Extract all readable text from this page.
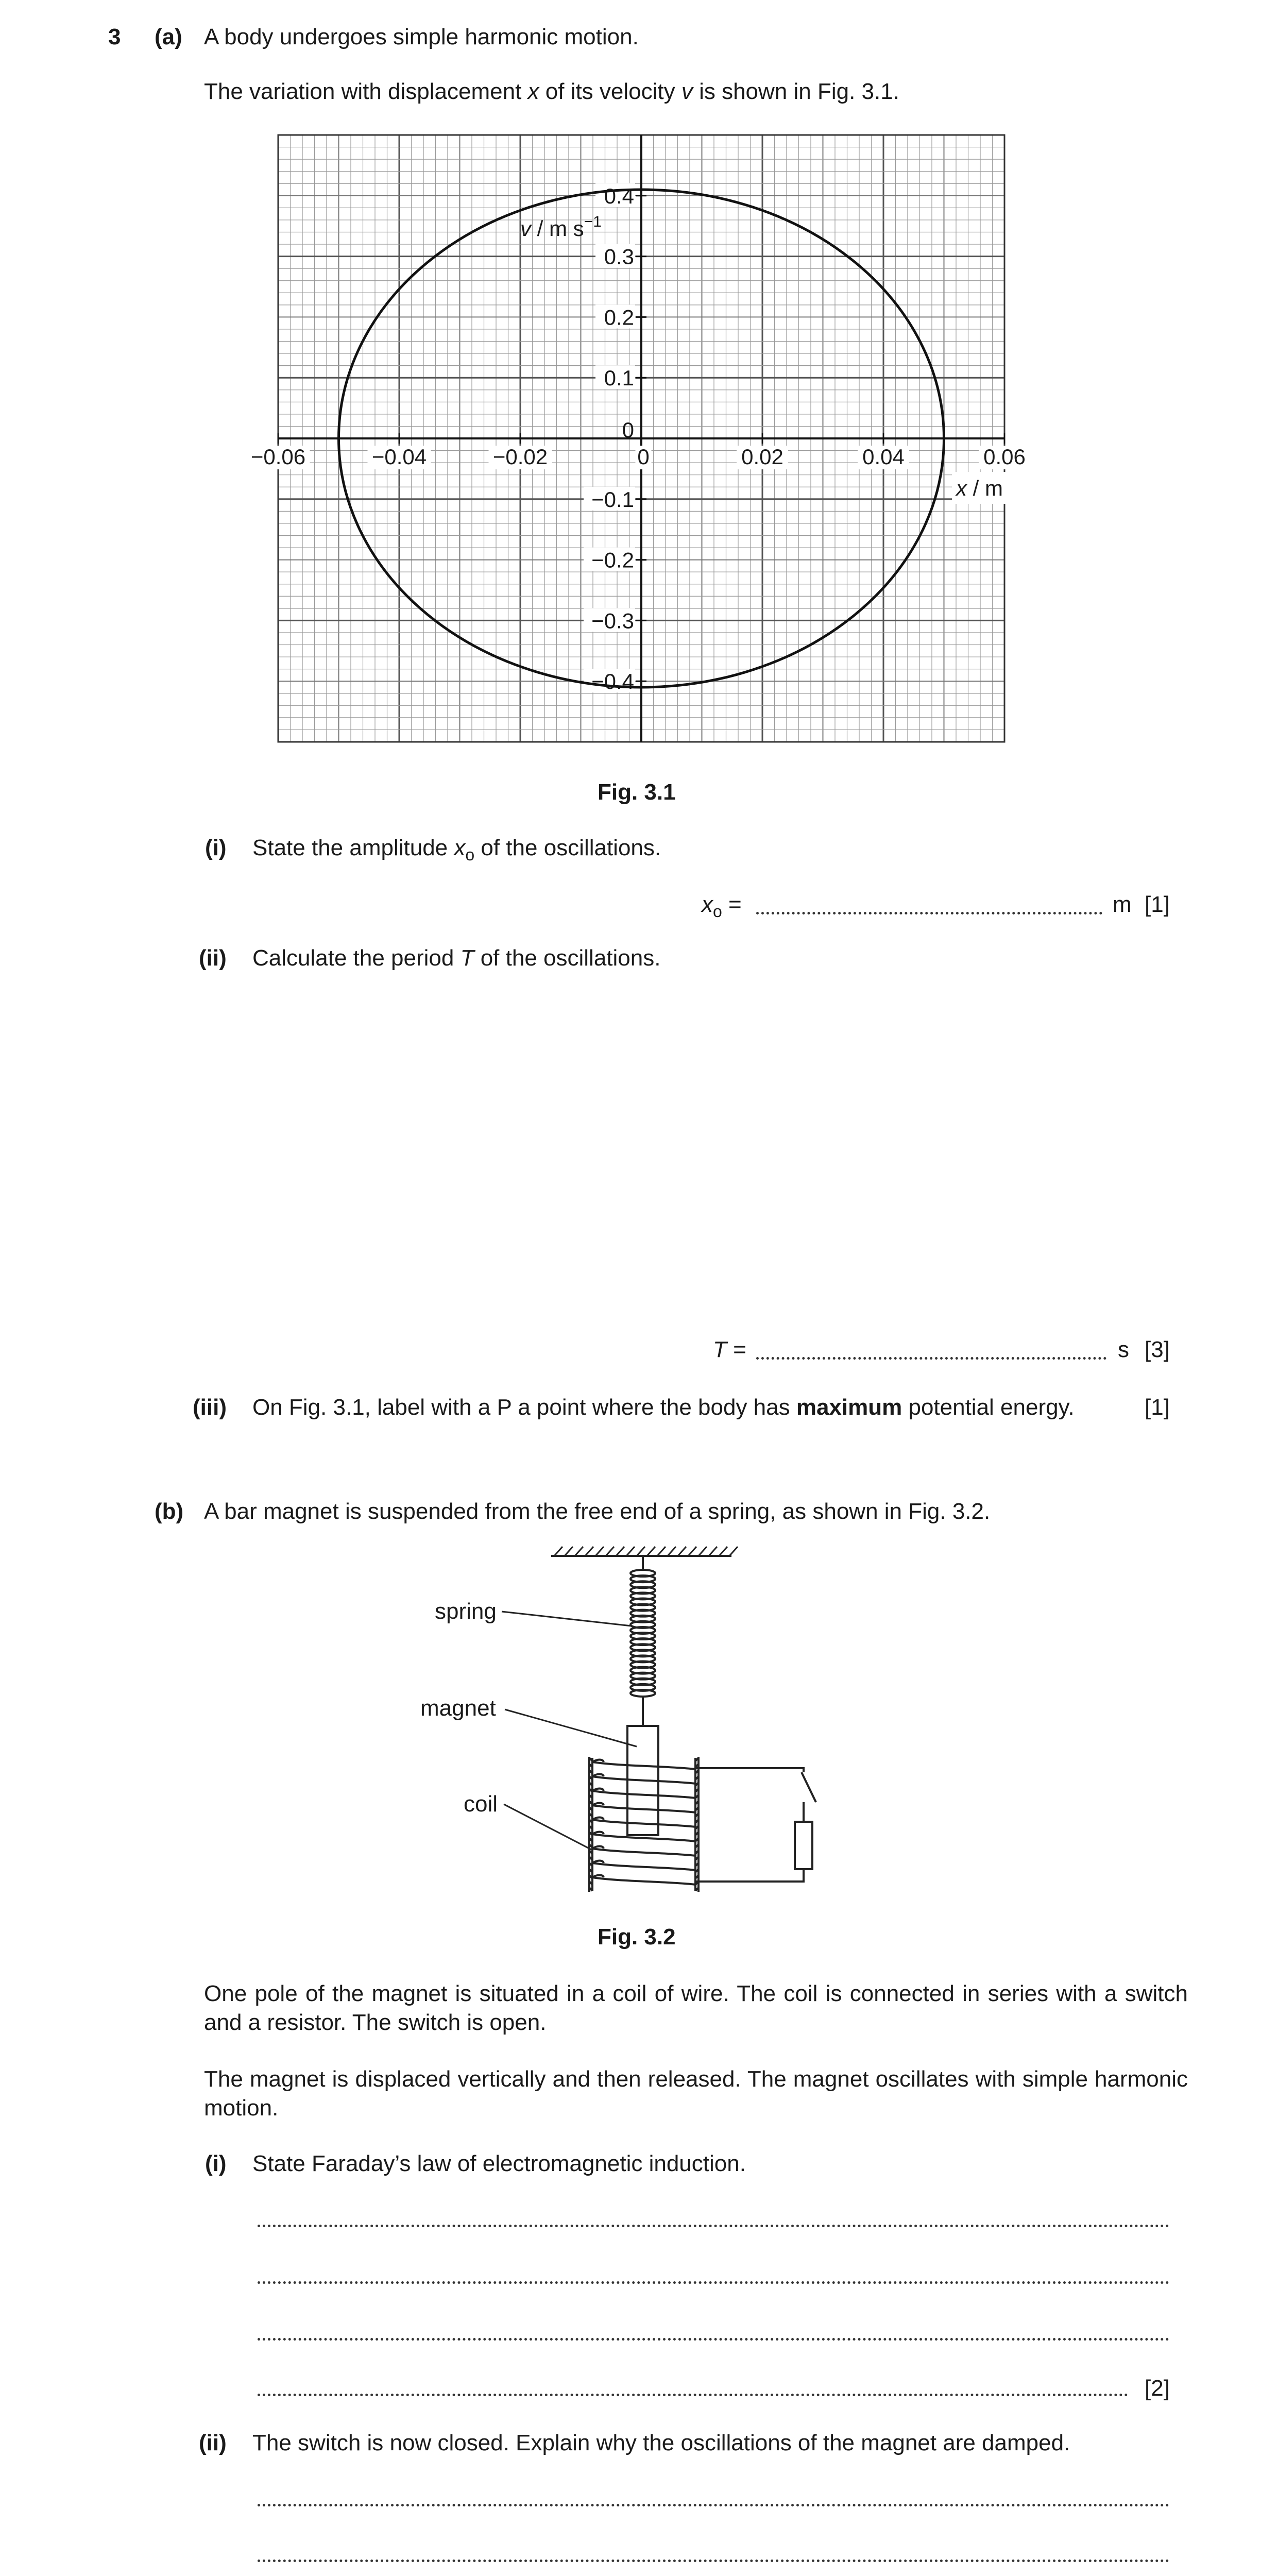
3 (a) A body undergoes simple harmonic motion.
The variation with displacement x of its velocity v is shown in Fig. 3.1.
−0.06	−0.04	−0.02	0	0.02	0.04	0.06
0.4
0.3
0.2
0.1
0
−0.1
−0.2
−0.3
−0.4
v / m $s^{-1}$
x / m
Fig. 3.1
(i) State the amplitude $x_o$ of the oscillations.
$x_o$ =	m [1]
(ii) Calculate the period T of the oscillations.
T =	s [3]
(iii) On Fig. 3.1, label with a P a point where the body has maximum potential energy.	[1]
(b) A bar magnet is suspended from the free end of a spring, as shown in Fig. 3.2.
spring
magnet
coil
Fig. 3.2
One pole of the magnet is situated in a coil of wire. The coil is connected in series with a switch and a resistor. The switch is open.
The magnet is displaced vertically and then released. The magnet oscillates with simple harmonic motion.
(i) State Faraday’s law of electromagnetic induction.
[2]
(ii) The switch is now closed. Explain why the oscillations of the magnet are damped.
